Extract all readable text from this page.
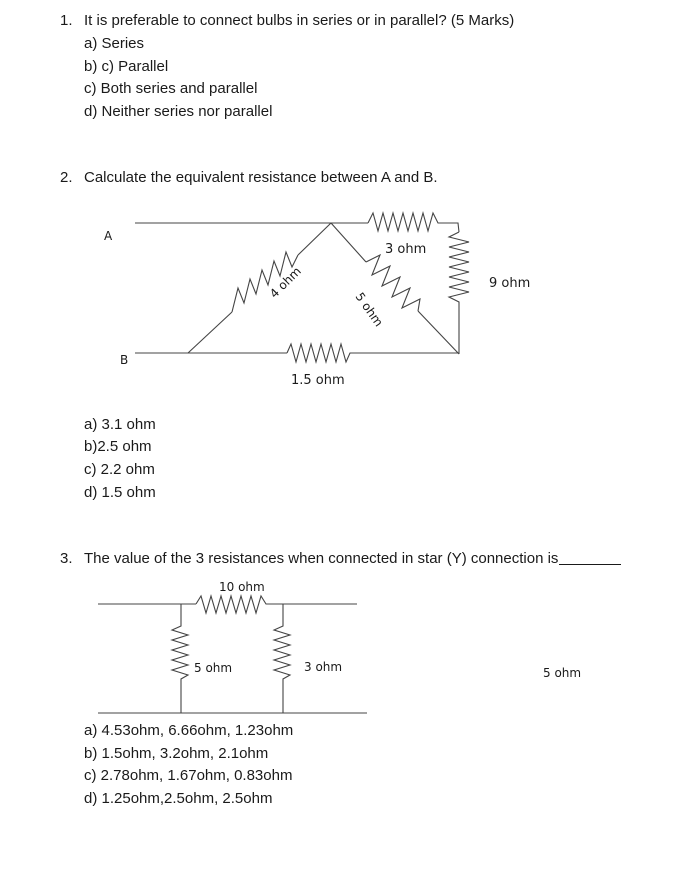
1. It is preferable to connect bulbs in series or in parallel? (5 Marks)
a) Series
b) c) Parallel
c) Both series and parallel
d) Neither series nor parallel
2. Calculate the equivalent resistance between A and B.
A
B
3 ohm
9 ohm
1.5 ohm
4 ohm
5 ohm
a) 3.1 ohm
b)2.5 ohm
c) 2.2 ohm
d) 1.5 ohm
3. The value of the 3 resistances when connected in star (Y) connection is
10 ohm
5 ohm	3 ohm	5 ohm
a) 4.53ohm, 6.66ohm, 1.23ohm
b) 1.5ohm, 3.2ohm, 2.1ohm
c) 2.78ohm, 1.67ohm, 0.83ohm
d) 1.25ohm,2.5ohm, 2.5ohm
